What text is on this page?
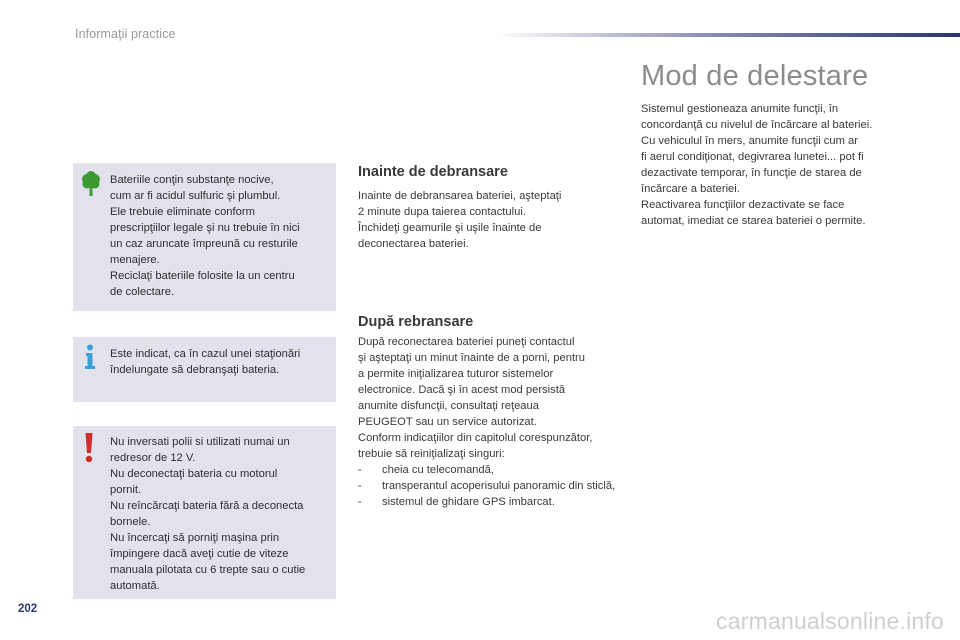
Informaţii practice
Bateriile conţin substanţe nocive,
cum ar fi acidul sulfuric şi plumbul.
Ele trebuie eliminate conform
prescripţiilor legale şi nu trebuie în nici
un caz aruncate împreună cu resturile
menajere.
Reciclaţi bateriile folosite la un centru
de colectare.
Este indicat, ca în cazul unei staţionări
îndelungate să debranşaţi bateria.
Nu inversati polii si utilizati numai un
redresor de 12 V.
Nu deconectaţi bateria cu motorul
pornit.
Nu reîncărcaţi bateria fără a deconecta
bornele.
Nu încercaţi să porniţi maşina prin
împingere dacă aveţi cutie de viteze
manuala pilotata cu 6 trepte sau o cutie
automată.
Inainte de debransare
Inainte de debransarea bateriei, aşteptaţi
2 minute dupa taierea contactului.
Închideţi geamurile şi uşile înainte de
deconectarea bateriei.
După rebransare
După reconectarea bateriei puneţi contactul
şi aşteptaţi un minut înainte de a porni, pentru
a permite iniţializarea tuturor sistemelor
electronice. Dacă şi în acest mod persistă
anumite disfuncţii, consultaţi reţeaua
PEUGEOT sau un service autorizat.
Conform indicaţiilor din capitolul corespunzător,
trebuie să reiniţializaţi singuri:
- cheia cu telecomandă,
- transperantul acoperisului panoramic din sticlă,
- sistemul de ghidare GPS imbarcat.
Mod de delestare
Sistemul gestioneaza anumite funcţii, în
concordanţă cu nivelul de încărcare al bateriei.
Cu vehiculul în mers, anumite funcţii cum ar
fi aerul condiţionat, degivrarea lunetei... pot fi
dezactivate temporar, în funcţie de starea de
încărcare a bateriei.
Reactivarea funcţiilor dezactivate se face
automat, imediat ce starea bateriei o permite.
202	carmanualsonline.info
